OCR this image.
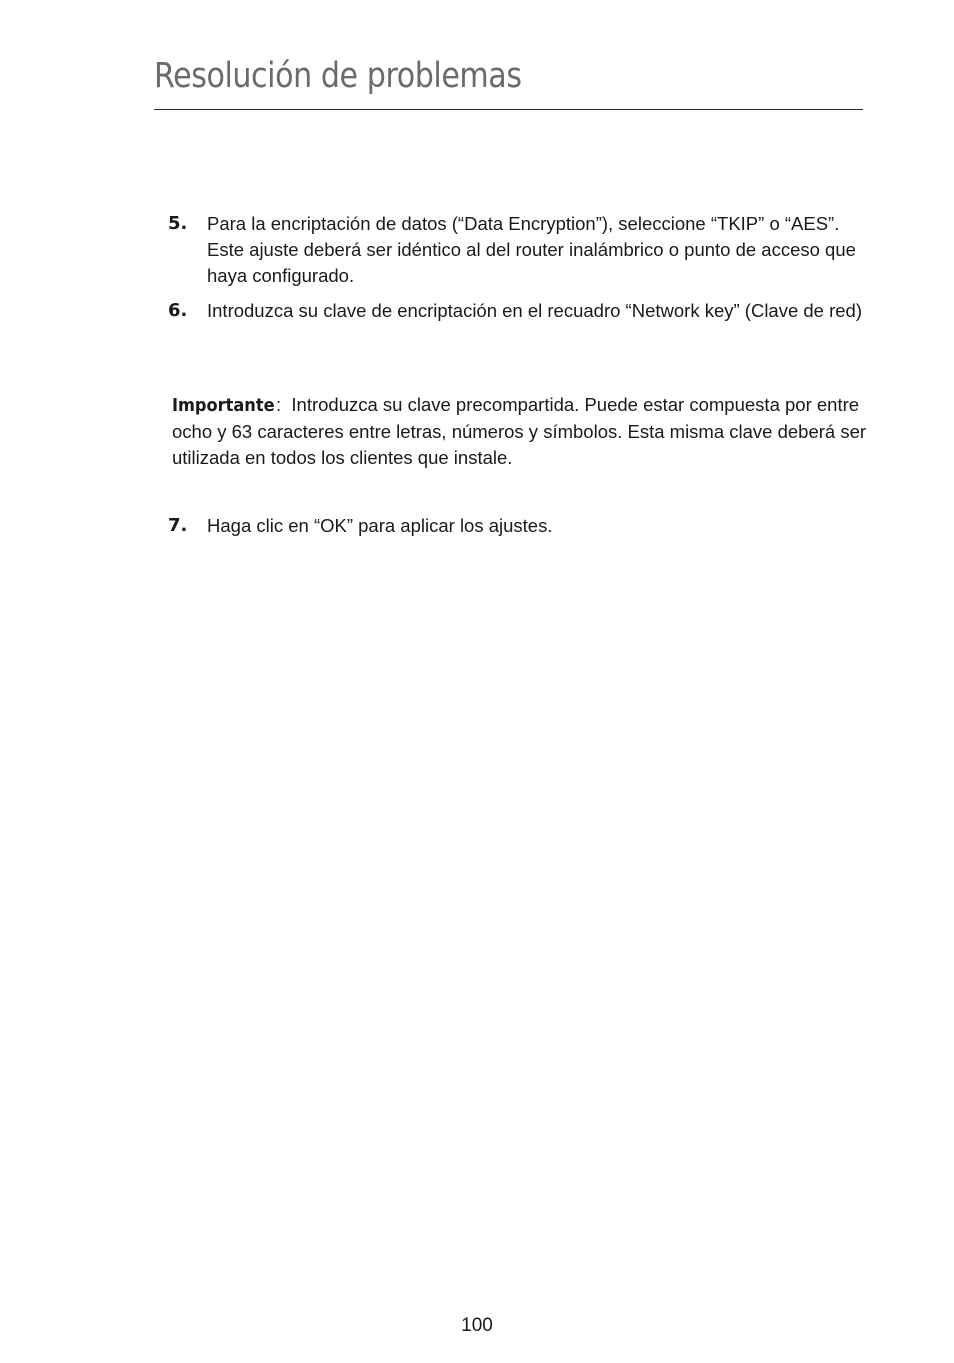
Resolución de problemas
5. Para la encriptación de datos (“Data Encryption”), seleccione “TKIP” o “AES”. Este ajuste deberá ser idéntico al del router inalámbrico o punto de acceso que haya configurado.
6. Introduzca su clave de encriptación en el recuadro “Network key” (Clave de red)
Importante: Introduzca su clave precompartida. Puede estar compuesta por entre ocho y 63 caracteres entre letras, números y símbolos. Esta misma clave deberá ser utilizada en todos los clientes que instale.
7. Haga clic en “OK” para aplicar los ajustes.
100
